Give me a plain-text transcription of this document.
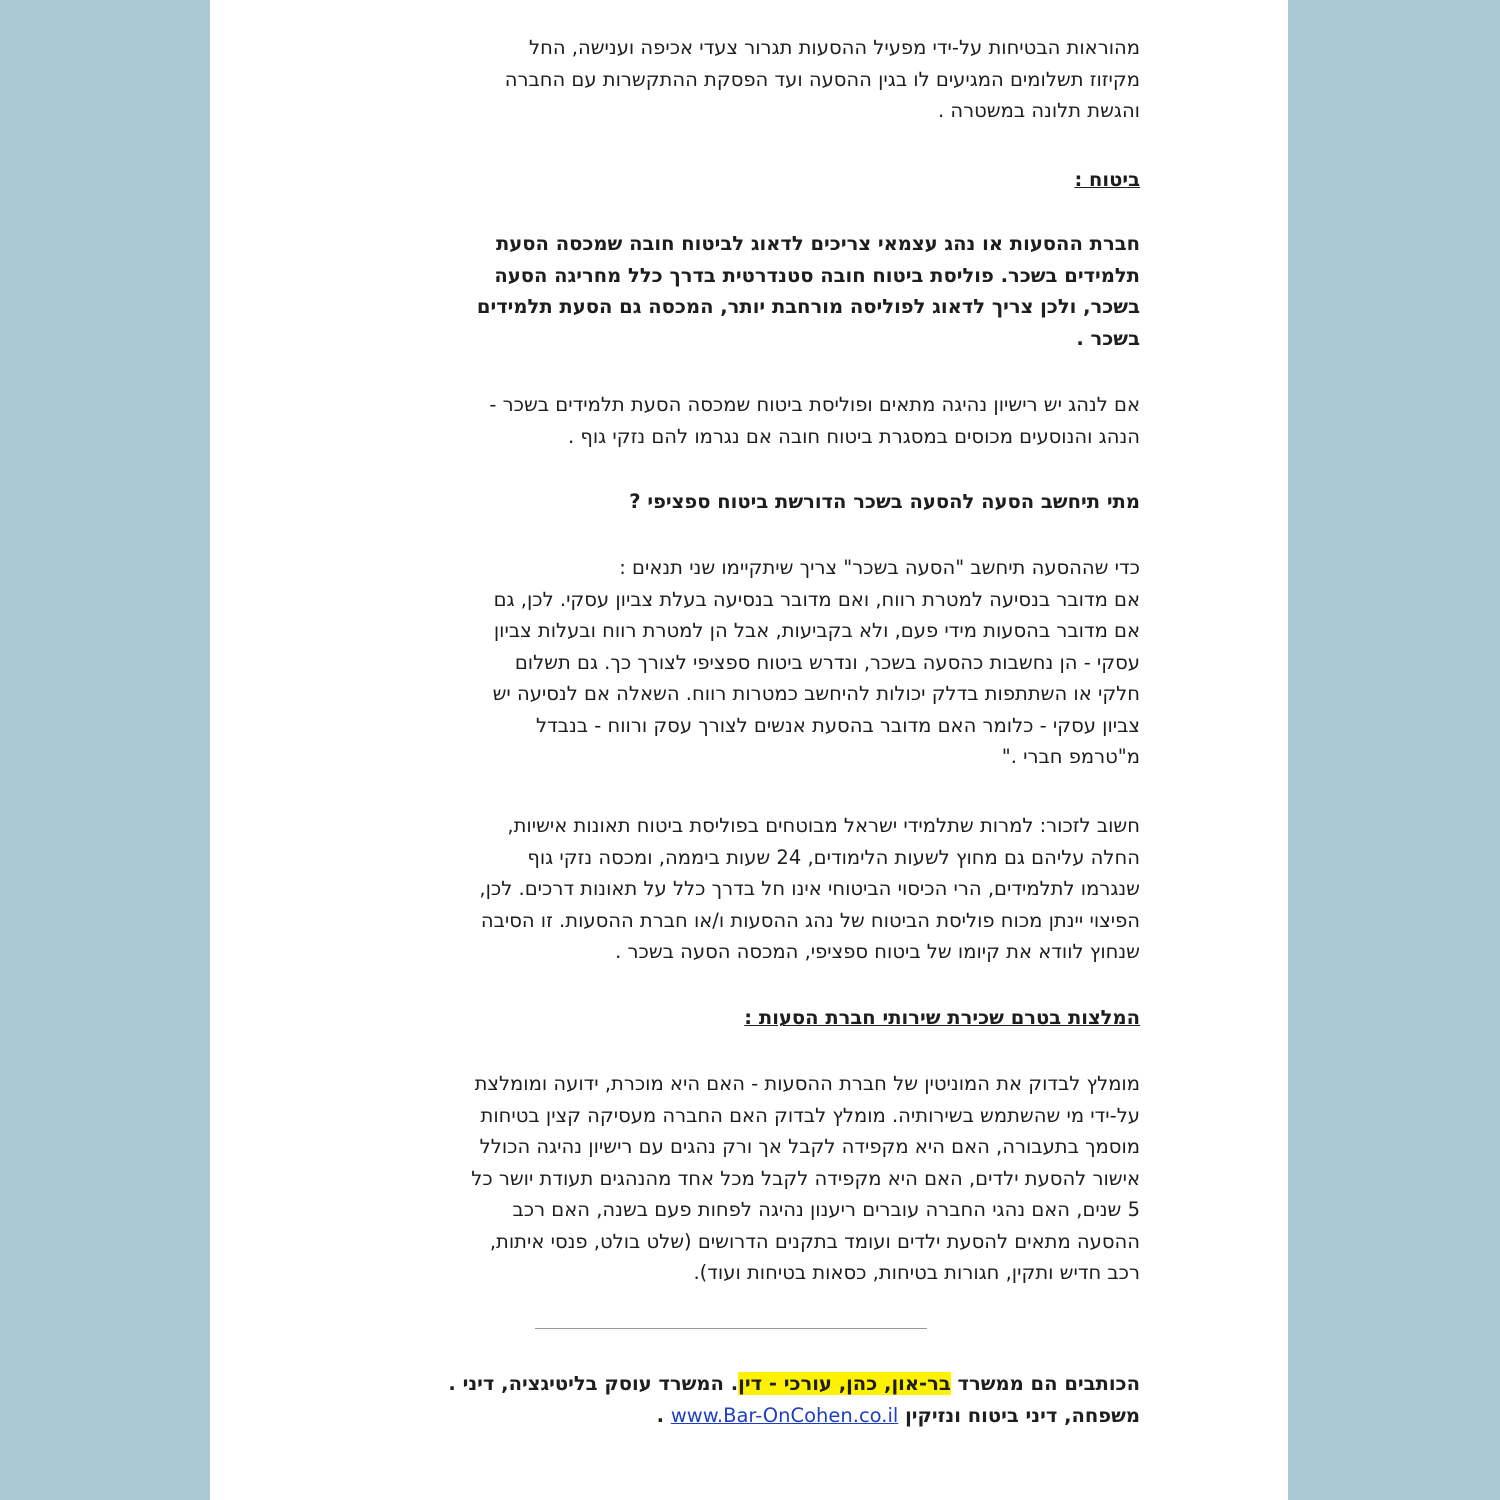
מהוראות הבטיחות על-ידי מפעיל ההסעות תגרור צעדי אכיפה וענישה, החל
מקיזוז תשלומים המגיעים לו בגין ההסעה ועד הפסקת ההתקשרות עם החברה
והגשת תלונה במשטרה .
ביטוח :
חברת ההסעות או נהג עצמאי צריכים לדאוג לביטוח חובה שמכסה הסעת
תלמידים בשכר. פוליסת ביטוח חובה סטנדרטית בדרך כלל מחריגה הסעה
בשכר, ולכן צריך לדאוג לפוליסה מורחבת יותר, המכסה גם הסעת תלמידים
בשכר .
אם לנהג יש רישיון נהיגה מתאים ופוליסת ביטוח שמכסה הסעת תלמידים בשכר -
הנהג והנוסעים מכוסים במסגרת ביטוח חובה אם נגרמו להם נזקי גוף .
מתי תיחשב הסעה להסעה בשכר הדורשת ביטוח ספציפי ?
כדי שההסעה תיחשב "הסעה בשכר" צריך שיתקיימו שני תנאים :
אם מדובר בנסיעה למטרת רווח, ואם מדובר בנסיעה בעלת צביון עסקי. לכן, גם
אם מדובר בהסעות מידי פעם, ולא בקביעות, אבל הן למטרת רווח ובעלות צביון
עסקי - הן נחשבות כהסעה בשכר, ונדרש ביטוח ספציפי לצורך כך. גם תשלום
חלקי או השתתפות בדלק יכולות להיחשב כמטרות רווח. השאלה אם לנסיעה יש
צביון עסקי - כלומר האם מדובר בהסעת אנשים לצורך עסק ורווח - בנבדל
מ"טרמפ חברי ."
חשוב לזכור: למרות שתלמידי ישראל מבוטחים בפוליסת ביטוח תאונות אישיות,
החלה עליהם גם מחוץ לשעות הלימודים, 24 שעות ביממה, ומכסה נזקי גוף
שנגרמו לתלמידים, הרי הכיסוי הביטוחי אינו חל בדרך כלל על תאונות דרכים. לכן,
הפיצוי יינתן מכוח פוליסת הביטוח של נהג ההסעות ו/או חברת ההסעות. זו הסיבה
שנחוץ לוודא את קיומו של ביטוח ספציפי, המכסה הסעה בשכר .
המלצות בטרם שכירת שירותי חברת הסעות :
מומלץ לבדוק את המוניטין של חברת ההסעות - האם היא מוכרת, ידועה ומומלצת
על-ידי מי שהשתמש בשירותיה. מומלץ לבדוק האם החברה מעסיקה קצין בטיחות
מוסמך בתעבורה, האם היא מקפידה לקבל אך ורק נהגים עם רישיון נהיגה הכולל
אישור להסעת ילדים, האם היא מקפידה לקבל מכל אחד מהנהגים תעודת יושר כל
5 שנים, האם נהגי החברה עוברים ריענון נהיגה לפחות פעם בשנה, האם רכב
ההסעה מתאים להסעת ילדים ועומד בתקנים הדרושים (שלט בולט, פנסי איתות,
רכב חדיש ותקין, חגורות בטיחות, כסאות בטיחות ועוד).
הכותבים הם ממשרד בר-און, כהן, עורכי - דין. המשרד עוסק בליטיגציה, דיני .
משפחה, דיני ביטוח ונזיקין www.Bar-OnCohen.co.il .
